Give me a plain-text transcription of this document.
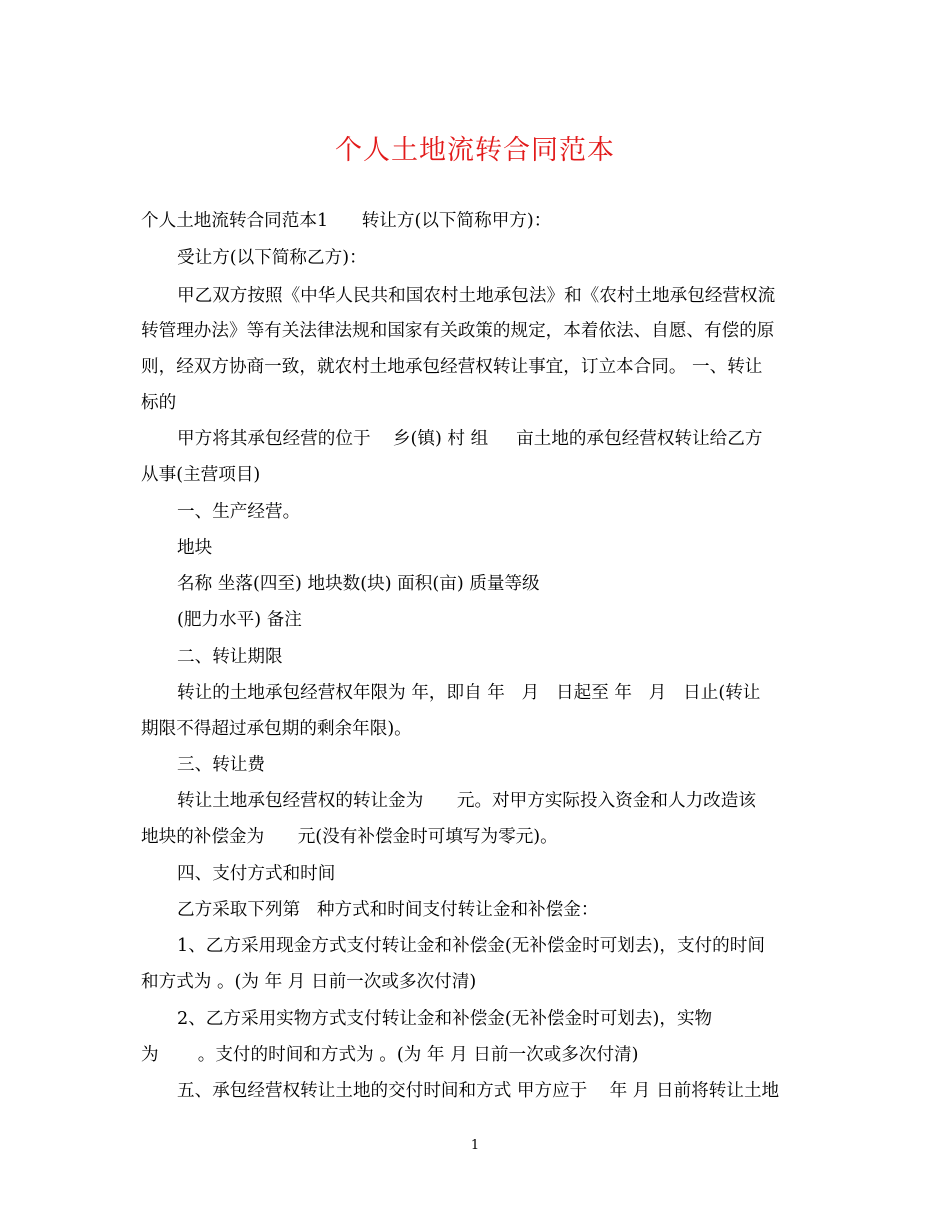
个人土地流转合同范本
个人土地流转合同范本1      转让方(以下简称甲方)：
受让方(以下简称乙方)：
甲乙双方按照《中华人民共和国农村土地承包法》和《农村土地承包经营权流
转管理办法》等有关法律法规和国家有关政策的规定，本着依法、自愿、有偿的原
则，经双方协商一致，就农村土地承包经营权转让事宜，订立本合同。 一、转让
标的
甲方将其承包经营的位于    乡(镇) 村 组     亩土地的承包经营权转让给乙方
从事(主营项目)
一、生产经营。
地块
名称 坐落(四至) 地块数(块) 面积(亩) 质量等级
(肥力水平) 备注
二、转让期限
转让的土地承包经营权年限为 年，即自 年   月   日起至 年   月   日止(转让
期限不得超过承包期的剩余年限)。
三、转让费
转让土地承包经营权的转让金为      元。对甲方实际投入资金和人力改造该
地块的补偿金为      元(没有补偿金时可填写为零元)。
四、支付方式和时间
乙方采取下列第   种方式和时间支付转让金和补偿金：
1、乙方采用现金方式支付转让金和补偿金(无补偿金时可划去)，支付的时间
和方式为 。(为 年 月 日前一次或多次付清)
2、乙方采用实物方式支付转让金和补偿金(无补偿金时可划去)，实物
为       。支付的时间和方式为 。(为 年 月 日前一次或多次付清)
五、承包经营权转让土地的交付时间和方式 甲方应于    年 月 日前将转让土地
1
